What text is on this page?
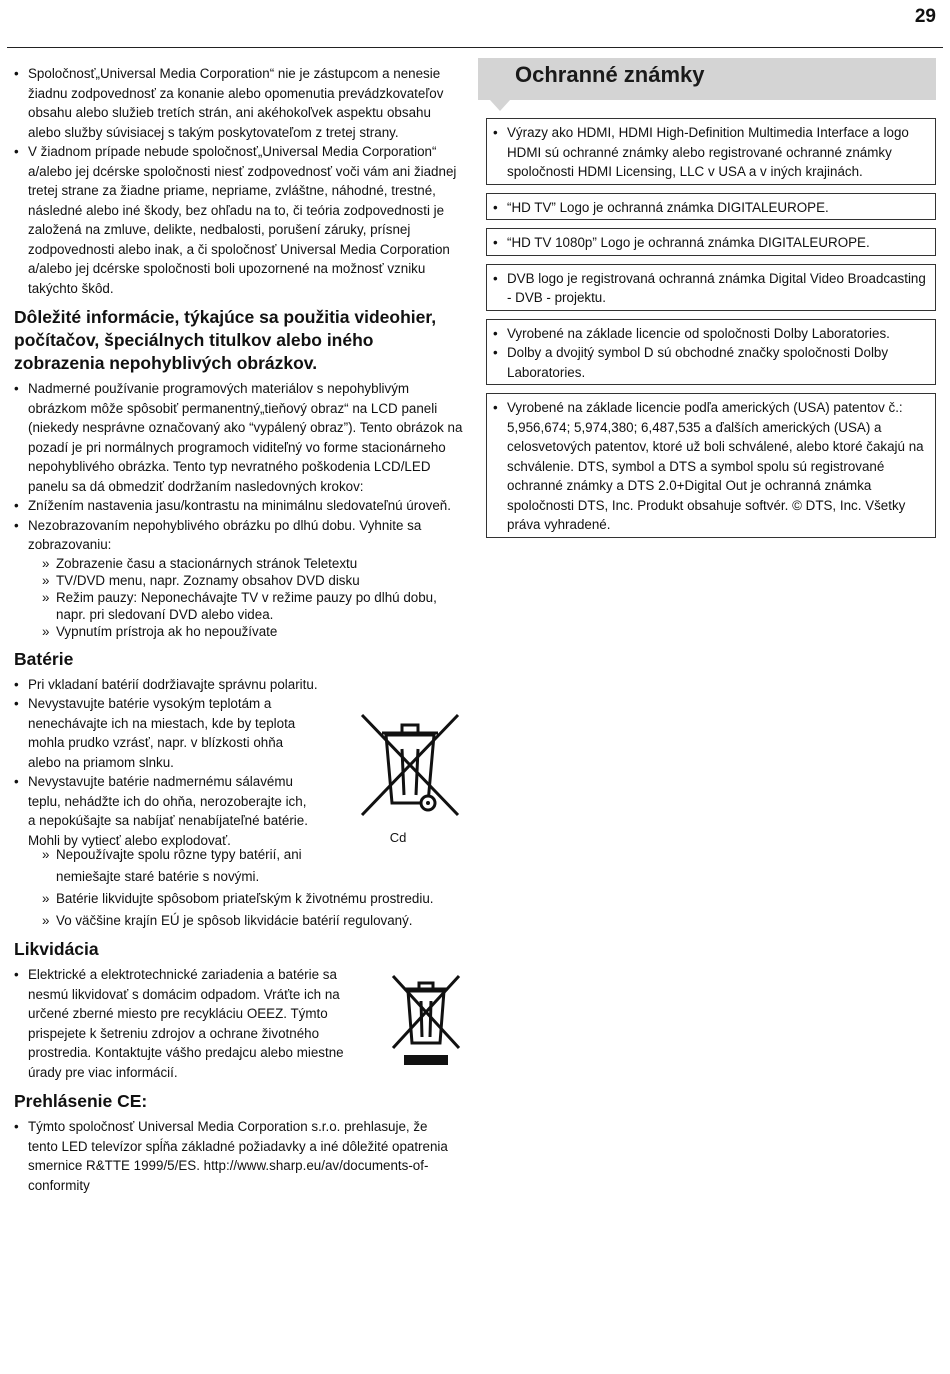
29
• Spoločnosť„Universal Media Corporation“ nie je zástupcom a nenesie žiadnu zodpovednosť za konanie alebo opomenutia prevádzkovateľov obsahu alebo služieb tretích strán, ani akéhokoľvek aspektu obsahu alebo služby súvisiacej s takým poskytovateľom z tretej strany.
• V žiadnom prípade nebude spoločnosť„Universal Media Corporation“ a/alebo jej dcérske spoločnosti niesť zodpovednosť voči vám ani žiadnej tretej strane za žiadne priame, nepriame, zvláštne, náhodné, trestné, následné alebo iné škody, bez ohľadu na to, či teória zodpovednosti je založená na zmluve, delikte, nedbalosti, porušení záruky, prísnej zodpovednosti alebo inak, a či spoločnosť Universal Media Corporation a/alebo jej dcérske spoločnosti boli upozornené na možnosť vzniku takýchto škôd.
Dôležité informácie, týkajúce sa použitia videohier, počítačov, špeciálnych titulkov alebo iného zobrazenia nepohyblivých obrázkov.
• Nadmerné používanie programových materiálov s nepohyblivým obrázkom môže spôsobiť permanentný„tieňový obraz“ na LCD paneli (niekedy nesprávne označovaný ako “vypálený obraz”). Tento obrázok na pozadí je pri normálnych programoch viditeľný vo forme stacionárneho nepohyblivého obrázka. Tento typ nevratného poškodenia LCD/LED panelu sa dá obmedziť dodržaním nasledovných krokov:
• Znížením nastavenia jasu/kontrastu na minimálnu sledovateľnú úroveň.
• Nezobrazovaním nepohyblivého obrázku po dlhú dobu. Vyhnite sa zobrazovaniu:
» Zobrazenie času a stacionárnych stránok Teletextu
» TV/DVD menu, napr. Zoznamy obsahov DVD disku
» Režim pauzy: Neponechávajte TV v režime pauzy po dlhú dobu, napr. pri sledovaní DVD alebo videa.
» Vypnutím prístroja ak ho nepoužívate
Batérie
Cd
• Pri vkladaní batérií dodržiavajte správnu polaritu.
• Nevystavujte batérie vysokým teplotám a nenechávajte ich na miestach, kde by teplota mohla prudko vzrásť, napr. v blízkosti ohňa alebo na priamom slnku.
• Nevystavujte batérie nadmernému sálavému teplu, nehádžte ich do ohňa, nerozoberajte ich, a nepokúšajte sa nabíjať nenabíjateľné batérie. Mohli by vytiecť alebo explodovať.
» Nepoužívajte spolu rôzne typy batérií, ani nemiešajte staré batérie s novými.
» Batérie likvidujte spôsobom priateľským k životnému prostrediu.
» Vo väčšine krajín EÚ je spôsob likvidácie batérií regulovaný.
Likvidácia
• Elektrické a elektrotechnické zariadenia a batérie sa nesmú likvidovať s domácim odpadom. Vráťte ich na určené zberné miesto pre recykláciu OEEZ. Týmto prispejete k šetreniu zdrojov a ochrane životného prostredia. Kontaktujte vášho predajcu alebo miestne úrady pre viac informácií.
Prehlásenie CE:
• Týmto spoločnosť Universal Media Corporation s.r.o. prehlasuje, že tento LED televízor spĺňa základné požiadavky a iné dôležité opatrenia smernice R&TTE 1999/5/ES. http://www.sharp.eu/av/documents-of-conformity
Ochranné známky
• Výrazy ako HDMI, HDMI High-Definition Multimedia Interface a logo HDMI sú ochranné známky alebo registrované ochranné známky spoločnosti HDMI Licensing, LLC v USA a v iných krajinách.
• “HD TV” Logo je ochranná známka DIGITALEUROPE.
• “HD TV 1080p” Logo je ochranná známka DIGITALEUROPE.
• DVB logo je registrovaná ochranná známka Digital Video Broadcasting - DVB - projektu.
• Vyrobené na základe licencie od spoločnosti Dolby Laboratories.
• Dolby a dvojitý symbol D sú obchodné značky spoločnosti Dolby Laboratories.
• Vyrobené na základe licencie podľa amerických (USA) patentov č.: 5,956,674; 5,974,380; 6,487,535 a ďalších amerických (USA) a celosvetových patentov, ktoré už boli schválené, alebo ktoré čakajú na schválenie. DTS, symbol a DTS a symbol spolu sú registrované ochranné známky a DTS 2.0+Digital Out je ochranná známka spoločnosti DTS, Inc. Produkt obsahuje softvér. © DTS, Inc. Všetky práva vyhradené.
